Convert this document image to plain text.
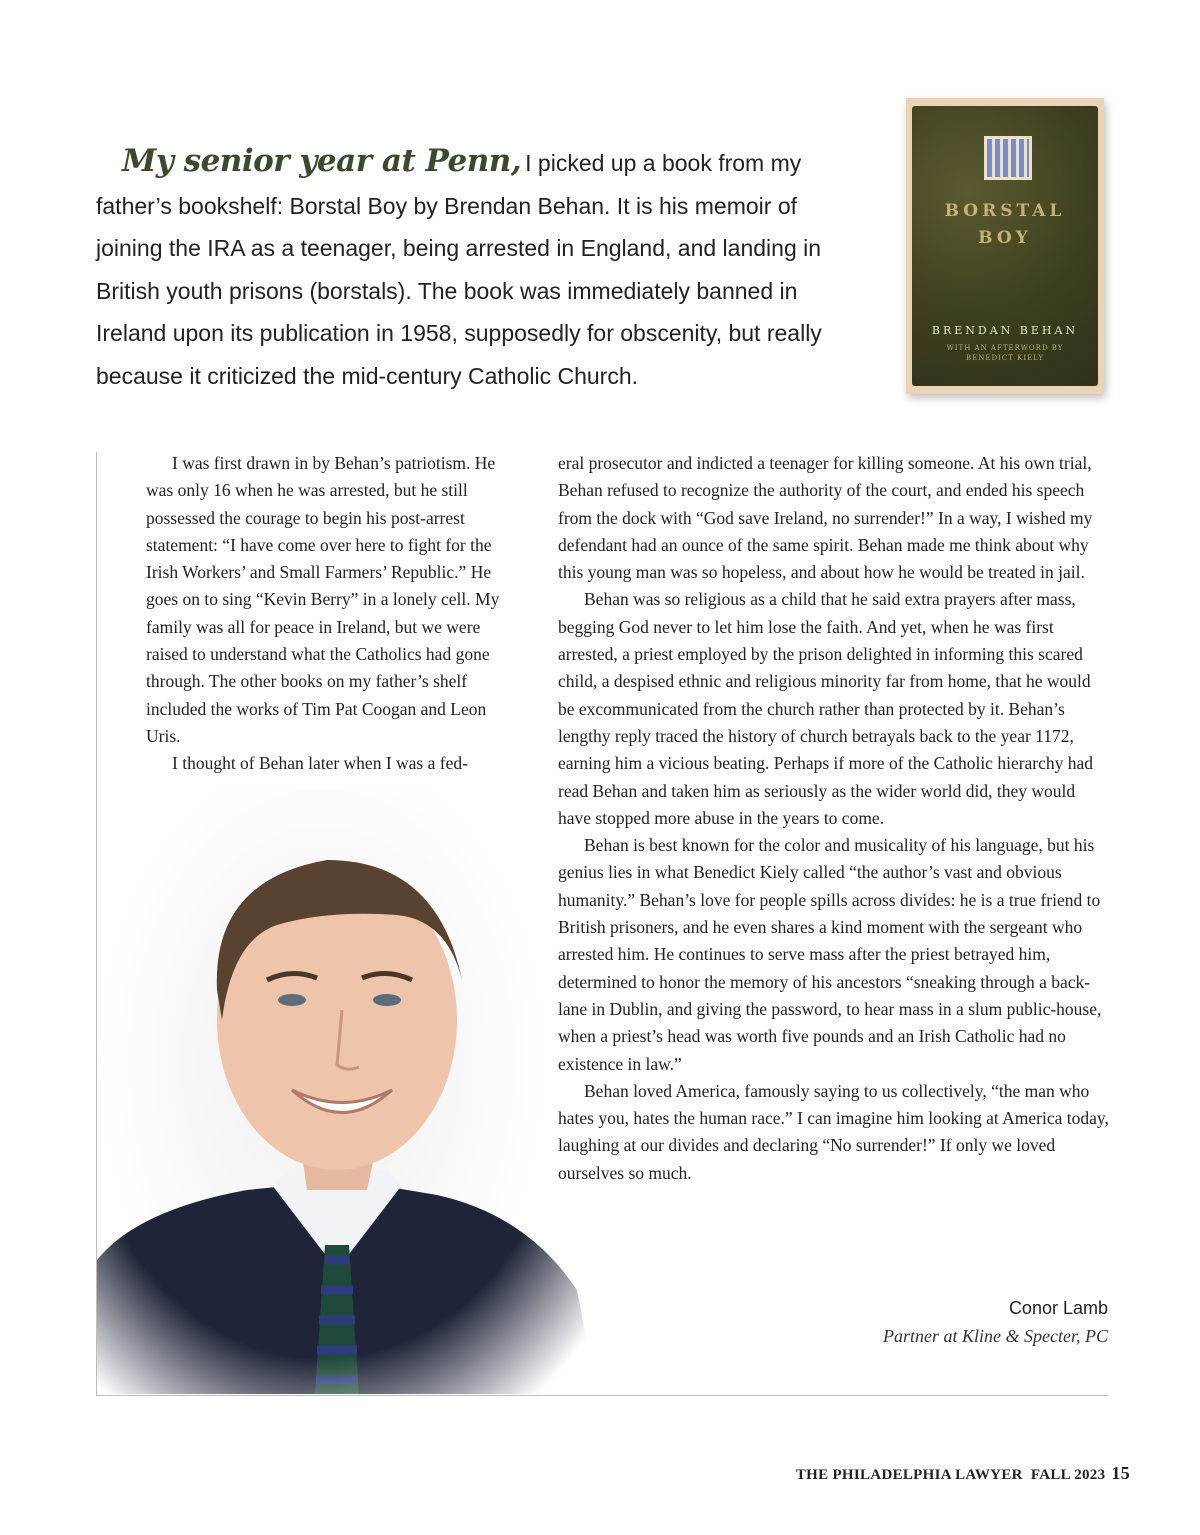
My senior year at Penn, I picked up a book from my father’s bookshelf: Borstal Boy by Brendan Behan. It is his memoir of joining the IRA as a teenager, being arrested in England, and landing in British youth prisons (borstals). The book was immediately banned in Ireland upon its publication in 1958, supposedly for obscenity, but really because it criticized the mid-century Catholic Church.

BORSTAL
BOY
BRENDAN BEHAN
WITH AN AFTERWORD BY BENEDICT KIELY

I was first drawn in by Behan’s patriotism. He was only 16 when he was arrested, but he still possessed the courage to begin his post-arrest statement: “I have come over here to fight for the Irish Workers’ and Small Farmers’ Republic.” He goes on to sing “Kevin Berry” in a lonely cell. My family was all for peace in Ireland, but we were raised to understand what the Catholics had gone through. The other books on my father’s shelf included the works of Tim Pat Coogan and Leon Uris.

I thought of Behan later when I was a fed-

eral prosecutor and indicted a teenager for killing someone. At his own trial, Behan refused to recognize the authority of the court, and ended his speech from the dock with “God save Ireland, no surrender!” In a way, I wished my defendant had an ounce of the same spirit. Behan made me think about why this young man was so hopeless, and about how he would be treated in jail.

Behan was so religious as a child that he said extra prayers after mass, begging God never to let him lose the faith. And yet, when he was first arrested, a priest employed by the prison delighted in informing this scared child, a despised ethnic and religious minority far from home, that he would be excommunicated from the church rather than protected by it. Behan’s lengthy reply traced the history of church betrayals back to the year 1172, earning him a vicious beating. Perhaps if more of the Catholic hierarchy had read Behan and taken him as seriously as the wider world did, they would have stopped more abuse in the years to come.

Behan is best known for the color and musicality of his language, but his genius lies in what Benedict Kiely called “the author’s vast and obvious humanity.” Behan’s love for people spills across divides: he is a true friend to British prisoners, and he even shares a kind moment with the sergeant who arrested him. He continues to serve mass after the priest betrayed him, determined to honor the memory of his ancestors “sneaking through a back-lane in Dublin, and giving the password, to hear mass in a slum public-house, when a priest’s head was worth five pounds and an Irish Catholic had no existence in law.”

Behan loved America, famously saying to us collectively, “the man who hates you, hates the human race.” I can imagine him looking at America today, laughing at our divides and declaring “No surrender!” If only we loved ourselves so much.

Conor Lamb
Partner at Kline & Specter, PC
THE PHILADELPHIA LAWYER FALL 2023 15
